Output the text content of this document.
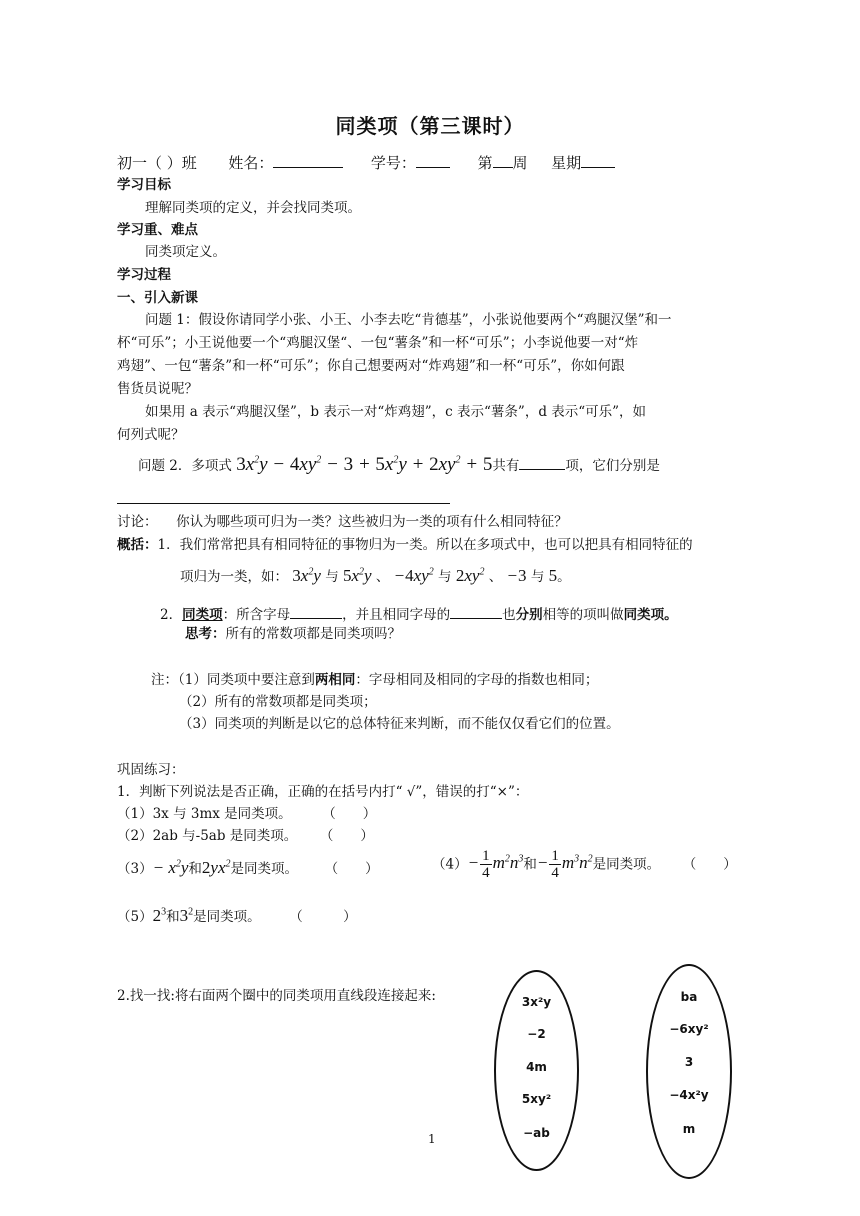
同类项（第三课时）
初一（ ）班 姓名：	学号：	第 周 星期
学习目标
理解同类项的定义，并会找同类项。
学习重、难点
同类项定义。
学习过程
一、引入新课
问题 1：假设你请同学小张、小王、小李去吃“肯德基”，小张说他要两个“鸡腿汉堡”和一
杯“可乐”；小王说他要一个“鸡腿汉堡“、一包“薯条”和一杯“可乐”；小李说他要一对“炸
鸡翅”、一包“薯条”和一杯“可乐”；你自己想要两对“炸鸡翅”和一杯“可乐”，你如何跟
售货员说呢？
如果用 a 表示“鸡腿汉堡”，b 表示一对“炸鸡翅”，c 表示“薯条”，d 表示“可乐”，如
何列式呢？
问题 2．多项式 $3x^2y - 4xy^2 - 3 + 5x^2y + 2xy^2 + 5$共有	项，它们分别是
讨论： 你认为哪些项可归为一类？这些被归为一类的项有什么相同特征？
概括：1．我们常常把具有相同特征的事物归为一类。所以在多项式中，也可以把具有相同特征的
项归为一类，如： $3x^2y$ 与 $5x^2y$ 、 $-4xy^2$ 与 $2xy^2$ 、 −3 与 5。
2．同类项：所含字母	，并且相同字母的	也分别相等的项叫做同类项。
思考：所有的常数项都是同类项吗？
注：（1）同类项中要注意到两相同：字母相同及相同的字母的指数也相同；
（2）所有的常数项都是同类项；
（3）同类项的判断是以它的总体特征来判断，而不能仅仅看它们的位置。
巩固练习：
1．判断下列说法是否正确，正确的在括号内打“ √”，错误的打“×”：
（1）3x 与 3mx 是同类项。 （　　）
（2）2ab 与-5ab 是同类项。 （　　）
$(3)- x^2y$和$2yx^2$是同类项。 （　　）	$(4)- \frac{1}{4} m^2n^3$和− $\frac{1}{4} m^3n^2$是同类项。 （　　）
$(5)2^3$和$3^2$是同类项。 （　　　）
2.找一找:将右面两个圈中的同类项用直线段连接起来:	3x²y
−2
4m
5xy²
−ab
ba
−6xy²
3
−4x²y
m
1
